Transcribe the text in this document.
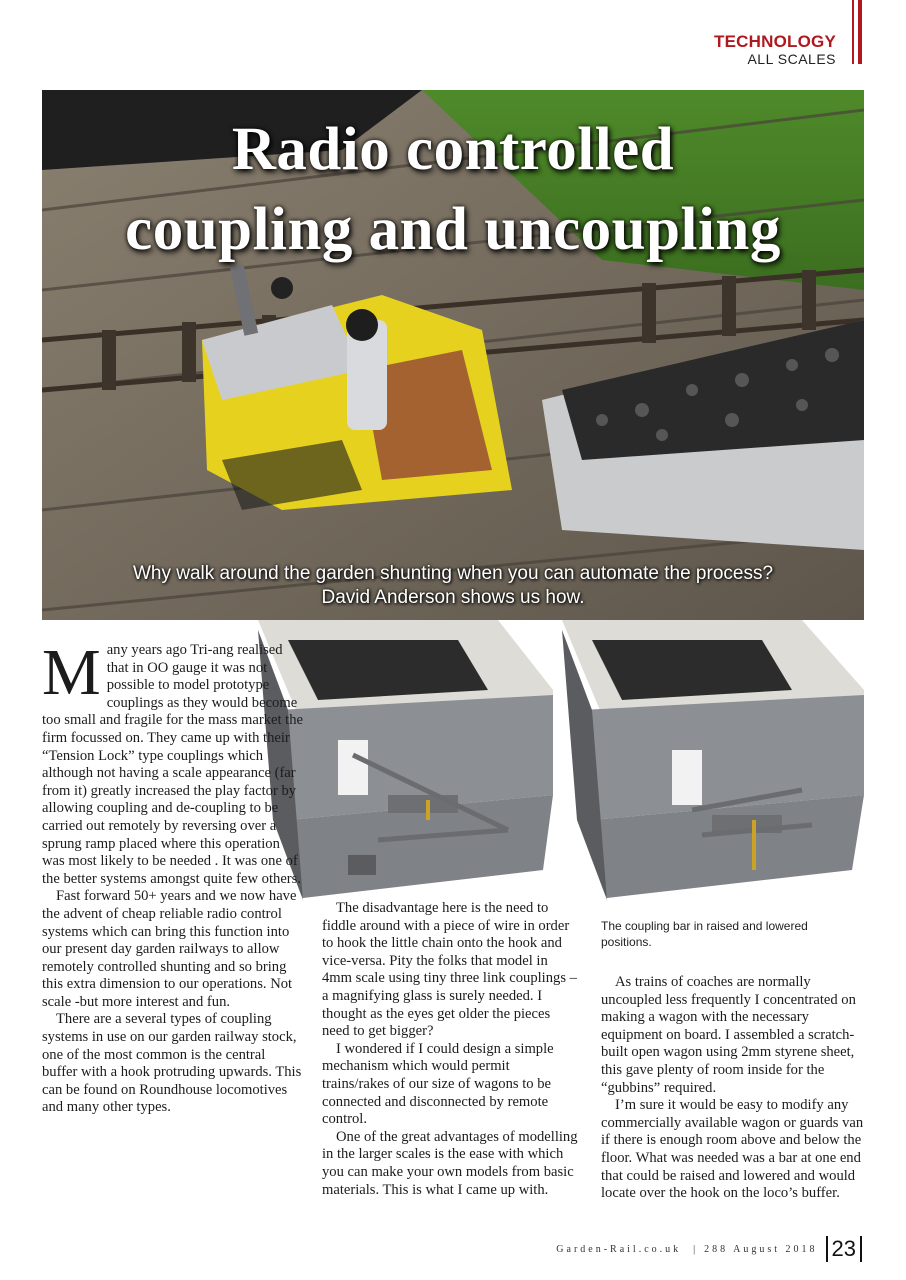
TECHNOLOGY
ALL SCALES
Radio controlled
coupling and uncoupling
Why walk around the garden shunting when you can automate the process?
David Anderson shows us how.
The coupling bar in raised and lowered positions.

Many years ago Tri-ang realised that in OO gauge it was not possible to model prototype couplings as they would become too small and fragile for the mass market the firm focussed on. They came up with their “Tension Lock” type couplings which although not having a scale appearance (far from it) greatly increased the play factor by allowing coupling and de-coupling to be carried out remotely by reversing over a sprung ramp placed where this operation was most likely to be needed . It was one of the better systems amongst quite few others.

Fast forward 50+ years and we now have the advent of cheap reliable radio control systems which can bring this function into our present day garden railways to allow remotely controlled shunting and so bring this extra dimension to our operations. Not scale -but more interest and fun.

There are a several types of coupling systems in use on our garden railway stock, one of the most common is the central buffer with a hook protruding upwards. This can be found on Roundhouse locomotives and many other types.

The disadvantage here is the need to fiddle around with a piece of wire in order to hook the little chain onto the hook and vice-versa. Pity the folks that model in 4mm scale using tiny three link couplings – a magnifying glass is surely needed. I thought as the eyes get older the pieces need to get bigger?

I wondered if I could design a simple mechanism which would permit trains/rakes of our size of wagons to be connected and disconnected by remote control.

One of the great advantages of modelling in the larger scales is the ease with which you can make your own models from basic materials. This is what I came up with.

As trains of coaches are normally uncoupled less frequently I concentrated on making a wagon with the necessary equipment on board. I assembled a scratch-built open wagon using 2mm styrene sheet, this gave plenty of room inside for the “gubbins” required.

I’m sure it would be easy to modify any commercially available wagon or guards van if there is enough room above and below the floor. What was needed was a bar at one end that could be raised and lowered and would locate over the hook on the loco’s buffer.

Garden-Rail.co.uk | 288 August 2018 23
